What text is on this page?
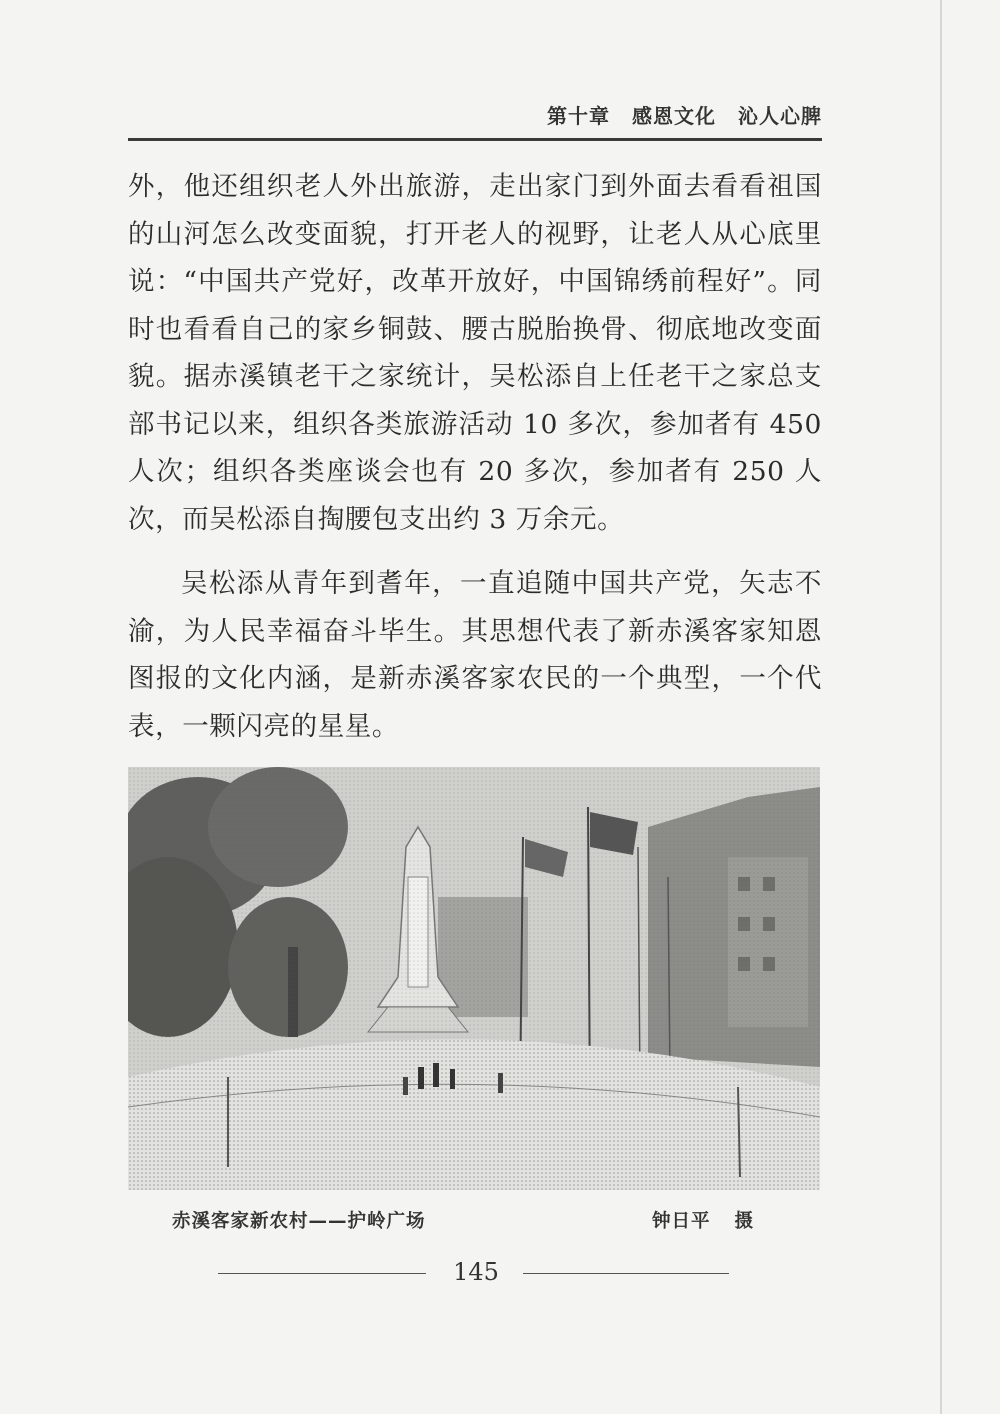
第十章 感恩文化 沁人心脾

外，他还组织老人外出旅游，走出家门到外面去看看祖国的山河怎么改变面貌，打开老人的视野，让老人从心底里说：“中国共产党好，改革开放好，中国锦绣前程好”。同时也看看自己的家乡铜鼓、腰古脱胎换骨、彻底地改变面貌。据赤溪镇老干之家统计，吴松添自上任老干之家总支部书记以来，组织各类旅游活动 10 多次，参加者有 450 人次；组织各类座谈会也有 20 多次，参加者有 250 人次，而吴松添自掏腰包支出约 3 万余元。

吴松添从青年到耆年，一直追随中国共产党，矢志不渝，为人民幸福奋斗毕生。其思想代表了新赤溪客家知恩图报的文化内涵，是新赤溪客家农民的一个典型，一个代表，一颗闪亮的星星。

赤溪客家新农村——护岭广场	钟日平 摄
145
